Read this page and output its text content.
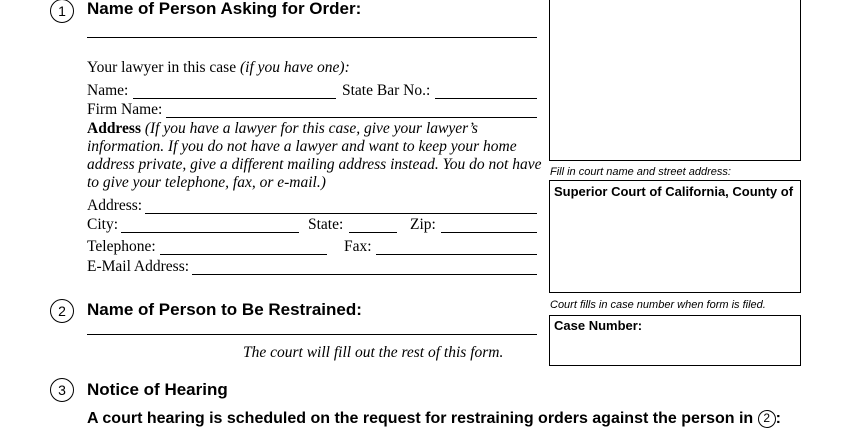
1	Name of Person Asking for Order:
Your lawyer in this case (if you have one):
Name:	State Bar No.:
Firm Name:
Address (If you have a lawyer for this case, give your lawyer’s
information. If you do not have a lawyer and want to keep your home
address private, give a different mailing address instead. You do not have
to give your telephone, fax, or e-mail.)
Address:
City:	State:	Zip:
Telephone:	Fax:
E-Mail Address:
Fill in court name and street address:
Superior Court of California, County of
Court fills in case number when form is filed.
Case Number:
2	Name of Person to Be Restrained:
The court will fill out the rest of this form.
3	Notice of Hearing
A court hearing is scheduled on the request for restraining orders against the person in 2 :
